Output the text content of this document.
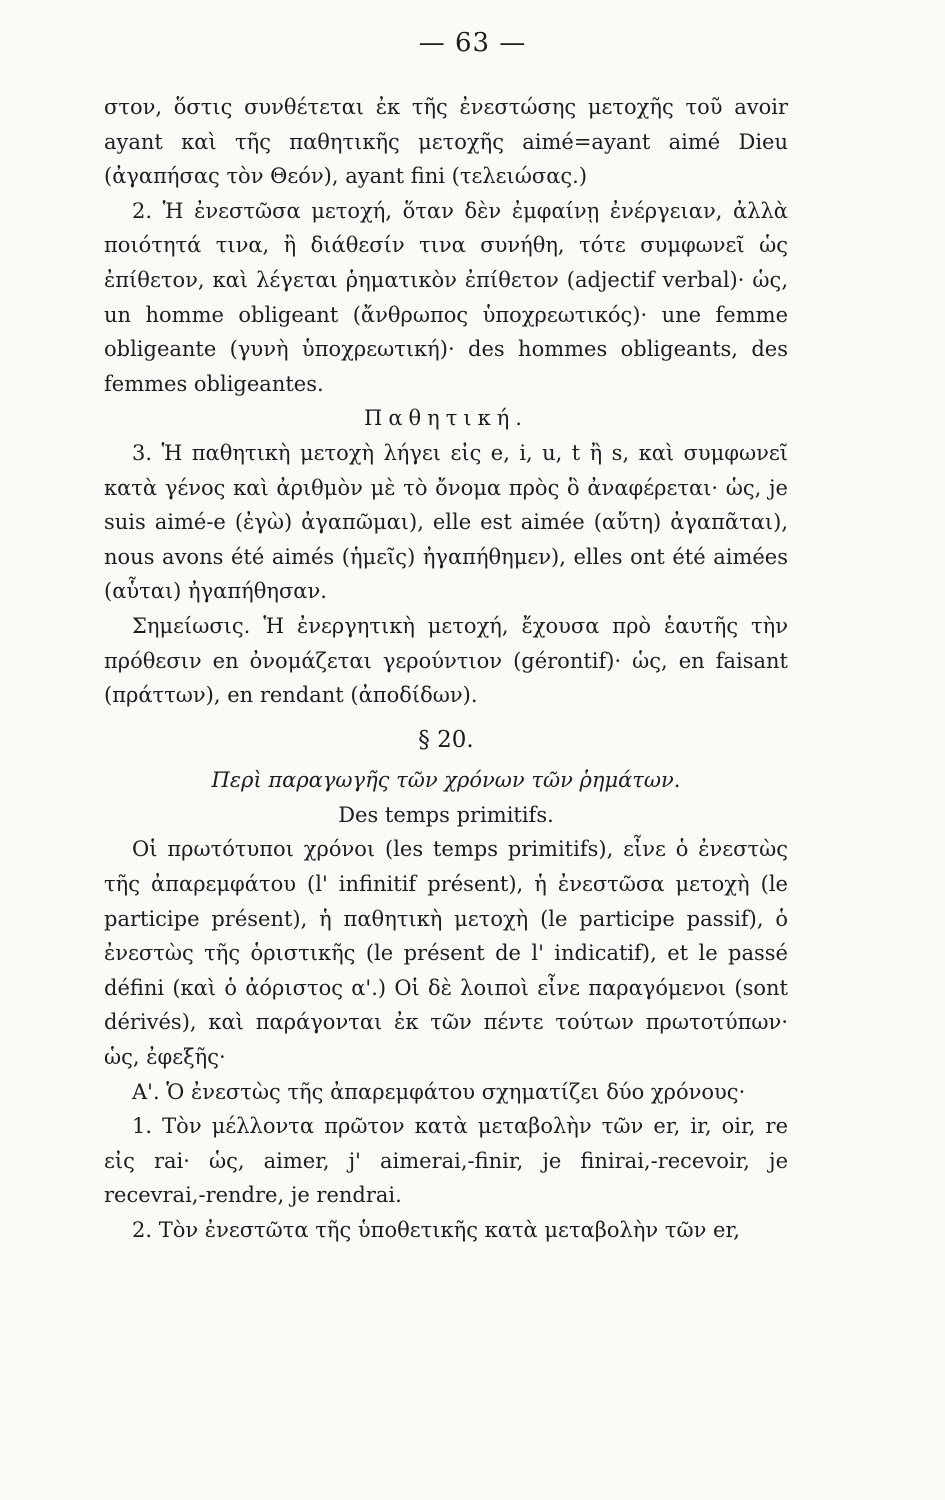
— 63 —

στον, ὅστις συνθέτεται ἐκ τῆς ἐνεστώσης μετοχῆς τοῦ avoir ayant καὶ τῆς παθητικῆς μετοχῆς aimé=ayant aimé Dieu (ἀγαπήσας τὸν Θεόν), ayant fini (τελειώσας.)

2. Ἡ ἐνεστῶσα μετοχή, ὅταν δὲν ἐμφαίνῃ ἐνέργειαν, ἀλλὰ ποιότητά τινα, ἢ διάθεσίν τινα συνήθη, τότε συμφωνεῖ ὡς ἐπίθετον, καὶ λέγεται ῥηματικὸν ἐπίθετον (adjectif verbal)· ὡς, un homme obligeant (ἄνθρωπος ὑποχρεωτικός)· une femme obligeante (γυνὴ ὑποχρεωτική)· des hommes obligeants, des femmes obligeantes.

Παθητική.

3. Ἡ παθητικὴ μετοχὴ λήγει εἰς e, i, u, t ἢ s, καὶ συμφωνεῖ κατὰ γένος καὶ ἀριθμὸν μὲ τὸ ὄνομα πρὸς ὃ ἀναφέρεται· ὡς, je suis aimé-e (ἐγὼ) ἀγαπῶμαι), elle est aimée (αὕτη) ἀγαπᾶται), nous avons été aimés (ἡμεῖς) ἠγαπήθημεν), elles ont été aimées (αὗται) ἠγαπήθησαν.

Σημείωσις. Ἡ ἐνεργητικὴ μετοχή, ἔχουσα πρὸ ἑαυτῆς τὴν πρόθεσιν en ὀνομάζεται γερούντιον (gérontif)· ὡς, en faisant (πράττων), en rendant (ἀποδίδων).

§ 20.

Περὶ παραγωγῆς τῶν χρόνων τῶν ῥημάτων.

Des temps primitifs.

Οἱ πρωτότυποι χρόνοι (les temps primitifs), εἶνε ὁ ἐνεστὼς τῆς ἀπαρεμφάτου (l' infinitif présent), ἡ ἐνεστῶσα μετοχὴ (le participe présent), ἡ παθητικὴ μετοχὴ (le participe passif), ὁ ἐνεστὼς τῆς ὁριστικῆς (le présent de l' indicatif), et le passé défini (καὶ ὁ ἀόριστος α'.) Οἱ δὲ λοιποὶ εἶνε παραγόμενοι (sont dérivés), καὶ παράγονται ἐκ τῶν πέντε τούτων πρωτοτύπων· ὡς, ἐφεξῆς·

Α'. Ὁ ἐνεστὼς τῆς ἀπαρεμφάτου σχηματίζει δύο χρόνους·

1. Τὸν μέλλοντα πρῶτον κατὰ μεταβολὴν τῶν er, ir, oir, re εἰς rai· ὡς, aimer, j' aimerai,-finir, je finirai,-recevoir, je recevrai,-rendre, je rendrai.

2. Τὸν ἐνεστῶτα τῆς ὑποθετικῆς κατὰ μεταβολὴν τῶν er,
